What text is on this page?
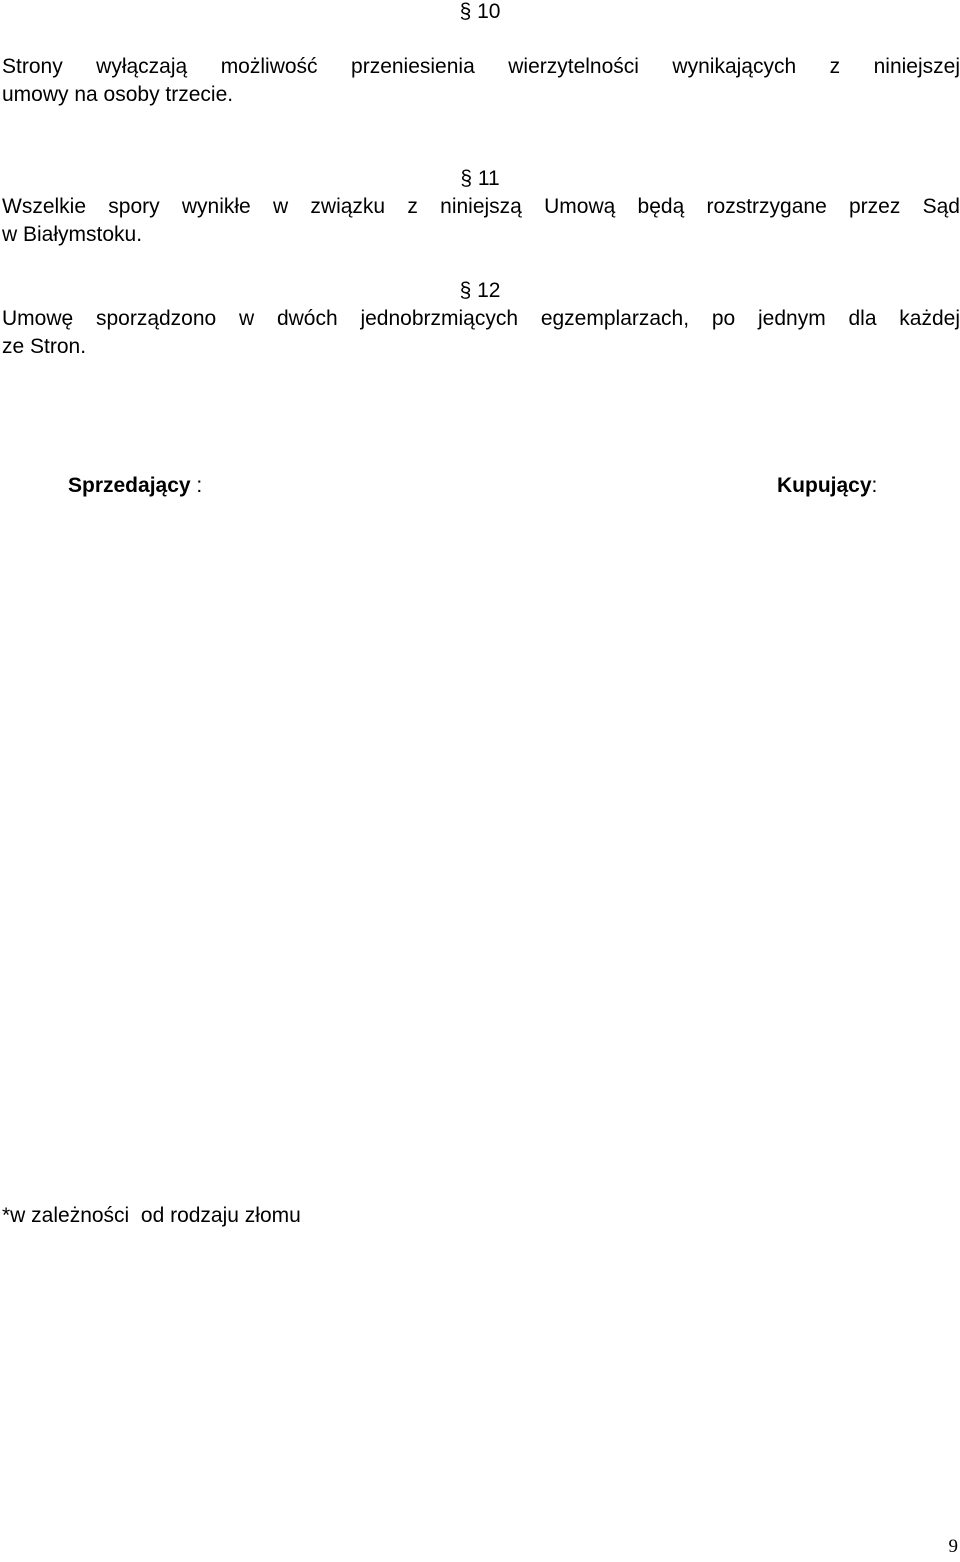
§ 10

Strony wyłączają możliwość przeniesienia wierzytelności wynikających z niniejszej
umowy na osoby trzecie.

§ 11

Wszelkie spory wynikłe w związku z niniejszą Umową będą rozstrzygane przez Sąd
w Białymstoku.

§ 12

Umowę sporządzono w dwóch jednobrzmiących egzemplarzach, po jednym dla każdej
ze Stron.

Sprzedający :	Kupujący:
*w zależności  od rodzaju złomu
9
